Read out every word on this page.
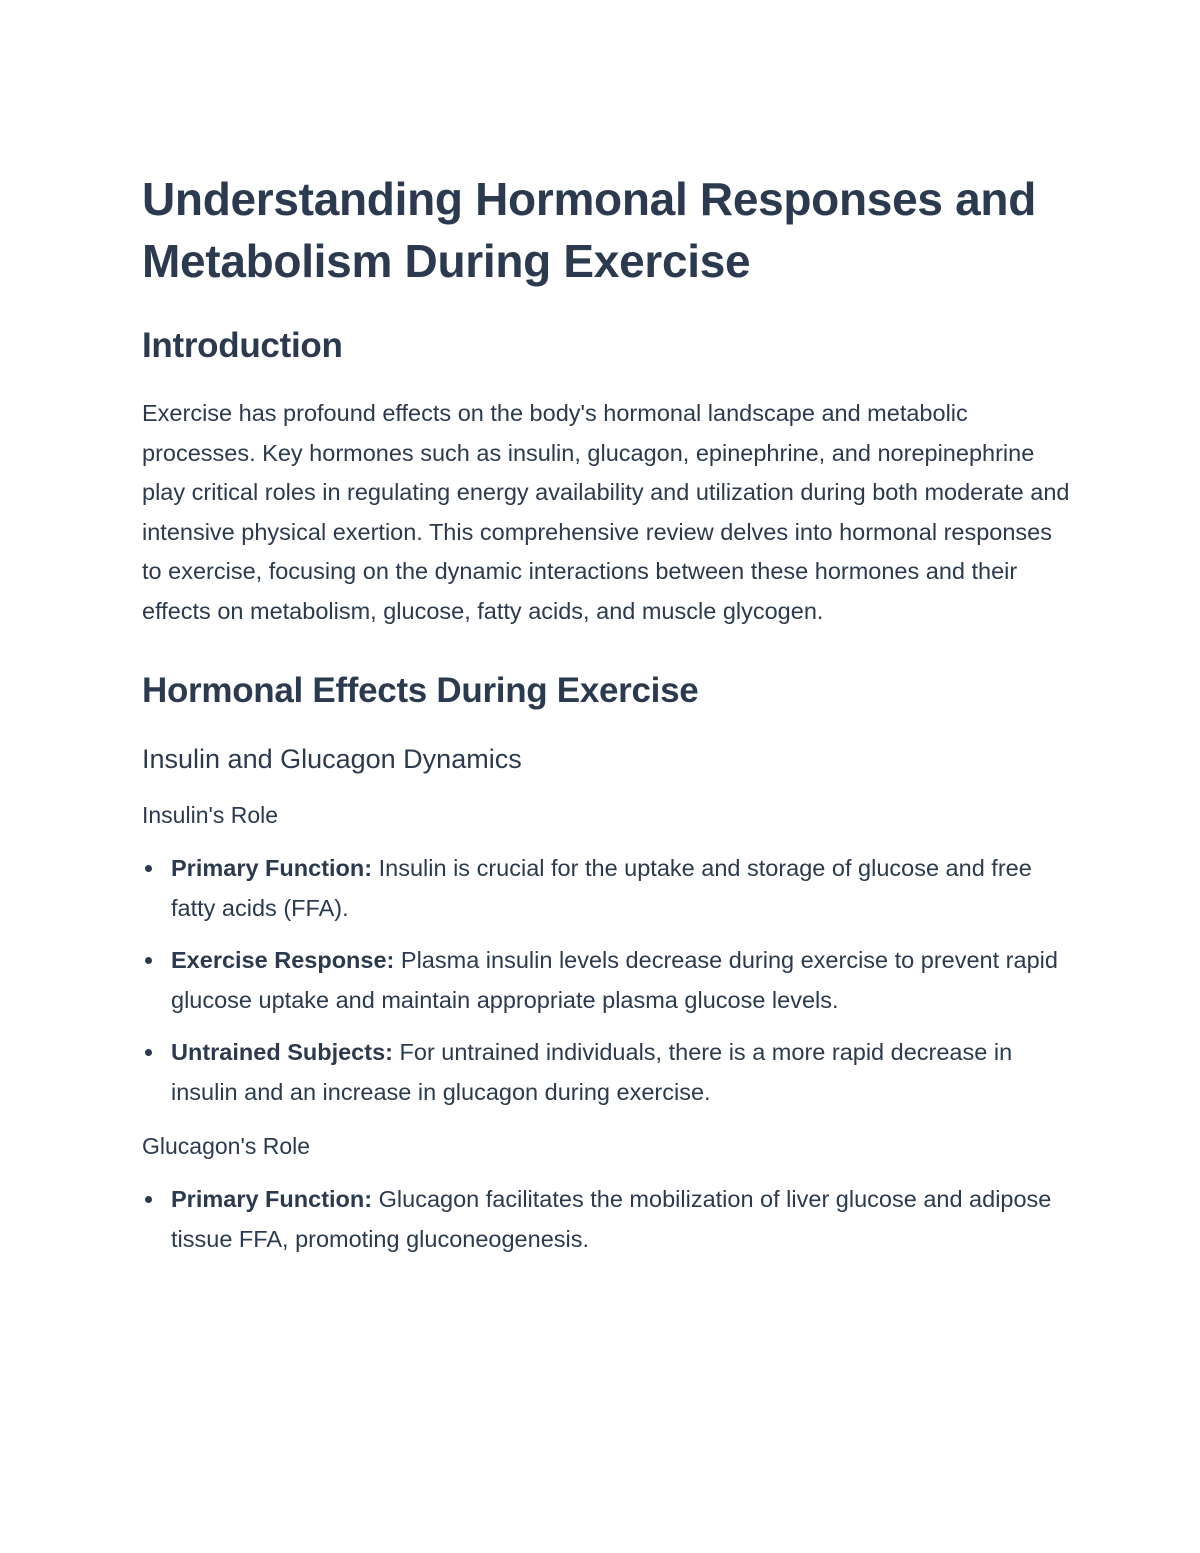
Understanding Hormonal Responses and Metabolism During Exercise
Introduction

Exercise has profound effects on the body's hormonal landscape and metabolic processes. Key hormones such as insulin, glucagon, epinephrine, and norepinephrine play critical roles in regulating energy availability and utilization during both moderate and intensive physical exertion. This comprehensive review delves into hormonal responses to exercise, focusing on the dynamic interactions between these hormones and their effects on metabolism, glucose, fatty acids, and muscle glycogen.

Hormonal Effects During Exercise
Insulin and Glucagon Dynamics
Insulin's Role
Primary Function: Insulin is crucial for the uptake and storage of glucose and free fatty acids (FFA).
Exercise Response: Plasma insulin levels decrease during exercise to prevent rapid glucose uptake and maintain appropriate plasma glucose levels.
Untrained Subjects: For untrained individuals, there is a more rapid decrease in insulin and an increase in glucagon during exercise.
Glucagon's Role
Primary Function: Glucagon facilitates the mobilization of liver glucose and adipose tissue FFA, promoting gluconeogenesis.
